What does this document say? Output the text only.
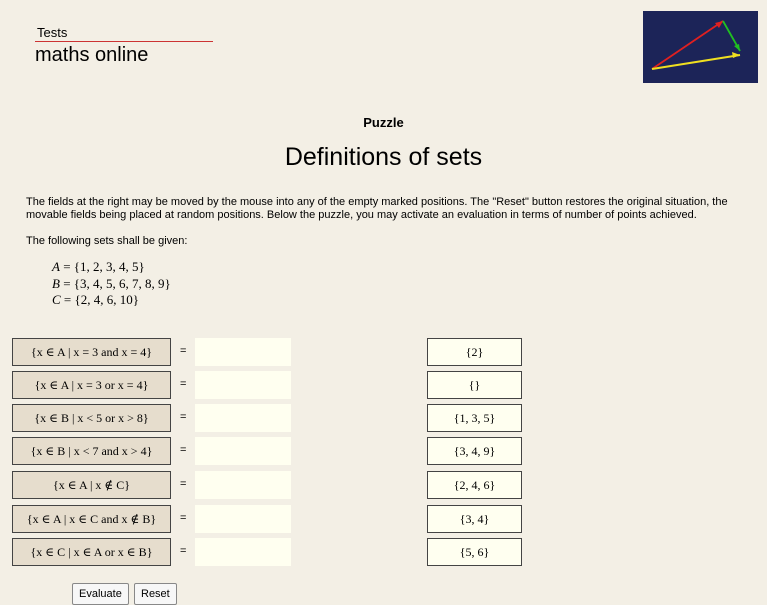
Tests
maths online
Puzzle
Definitions of sets
The fields at the right may be moved by the mouse into any of the empty marked positions. The "Reset" button restores the original situation, the movable fields being placed at random positions. Below the puzzle, you may activate an evaluation in terms of number of points achieved.
The following sets shall be given:
A = {1, 2, 3, 4, 5}
B = {3, 4, 5, 6, 7, 8, 9}
C = {2, 4, 6, 10}
{x ∈ A | x = 3 and x = 4}	=	{2}
{x ∈ A | x = 3 or x = 4}	=	{}
{x ∈ B | x < 5 or x > 8}	=	{1, 3, 5}
{x ∈ B | x < 7 and x > 4}	=	{3, 4, 9}
{x ∈ A | x ∉ C}	=	{2, 4, 6}
{x ∈ A | x ∈ C and x ∉ B}	=	{3, 4}
{x ∈ C | x ∈ A or x ∈ B}	=	{5, 6}
Evaluate	Reset
